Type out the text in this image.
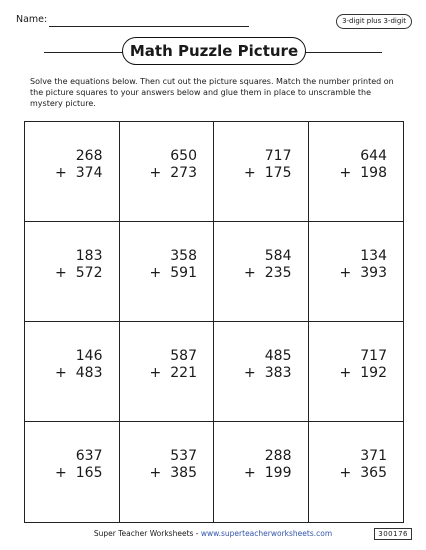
Name:	3-digit plus 3-digit
Math Puzzle Picture
Solve the equations below. Then cut out the picture squares. Match the number printed on the picture squares to your answers below and glue them in place to unscramble the mystery picture.
268
+ 374
650
+ 273
717
+ 175
644
+ 198
183
+ 572
358
+ 591
584
+ 235
134
+ 393
146
+ 483
587
+ 221
485
+ 383
717
+ 192
637
+ 165
537
+ 385
288
+ 199
371
+ 365
Super Teacher Worksheets - www.superteacherworksheets.com	300176
